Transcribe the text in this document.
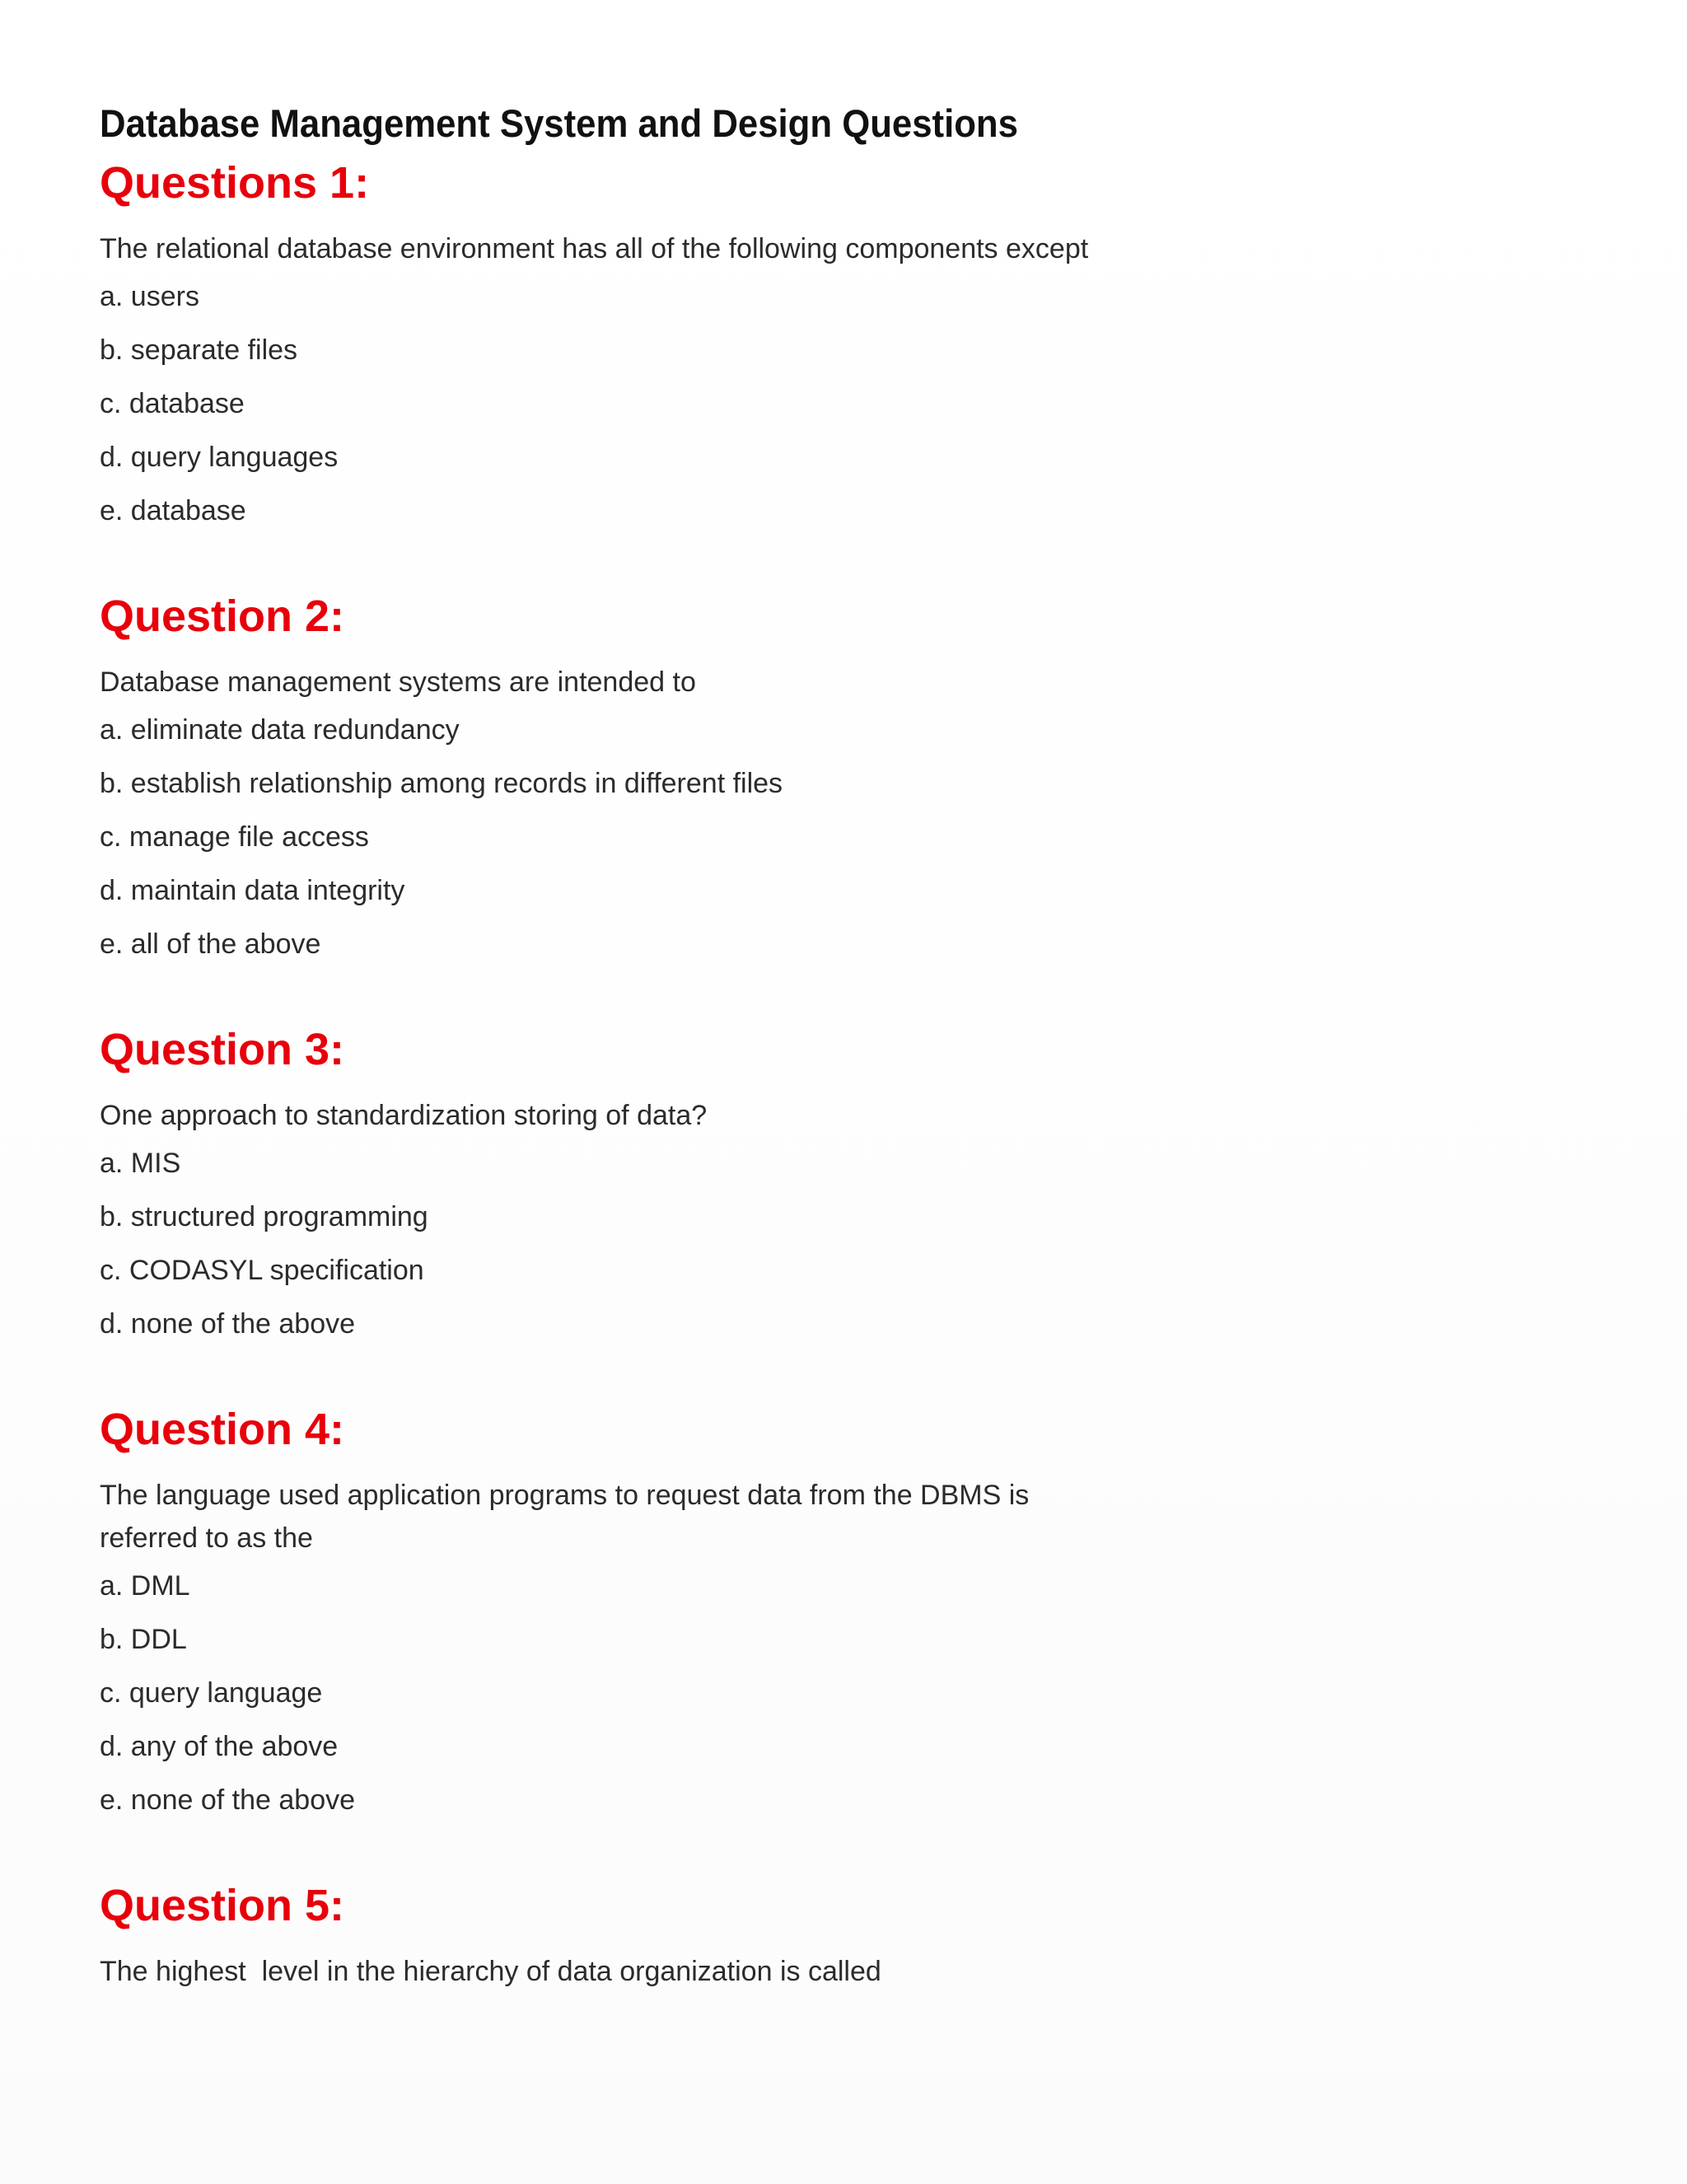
Database Management System and Design Questions
Questions 1:

The relational database environment has all of the following components except

a. users
b. separate files
c. database
d. query languages
e. database
Question 2:

Database management systems are intended to

a. eliminate data redundancy
b. establish relationship among records in different files
c. manage file access
d. maintain data integrity
e. all of the above
Question 3:

One approach to standardization storing of data?

a. MIS
b. structured programming
c. CODASYL specification
d. none of the above
Question 4:

The language used application programs to request data from the DBMS is referred to as the

a. DML
b. DDL
c. query language
d. any of the above
e. none of the above
Question 5:

The highest  level in the hierarchy of data organization is called
